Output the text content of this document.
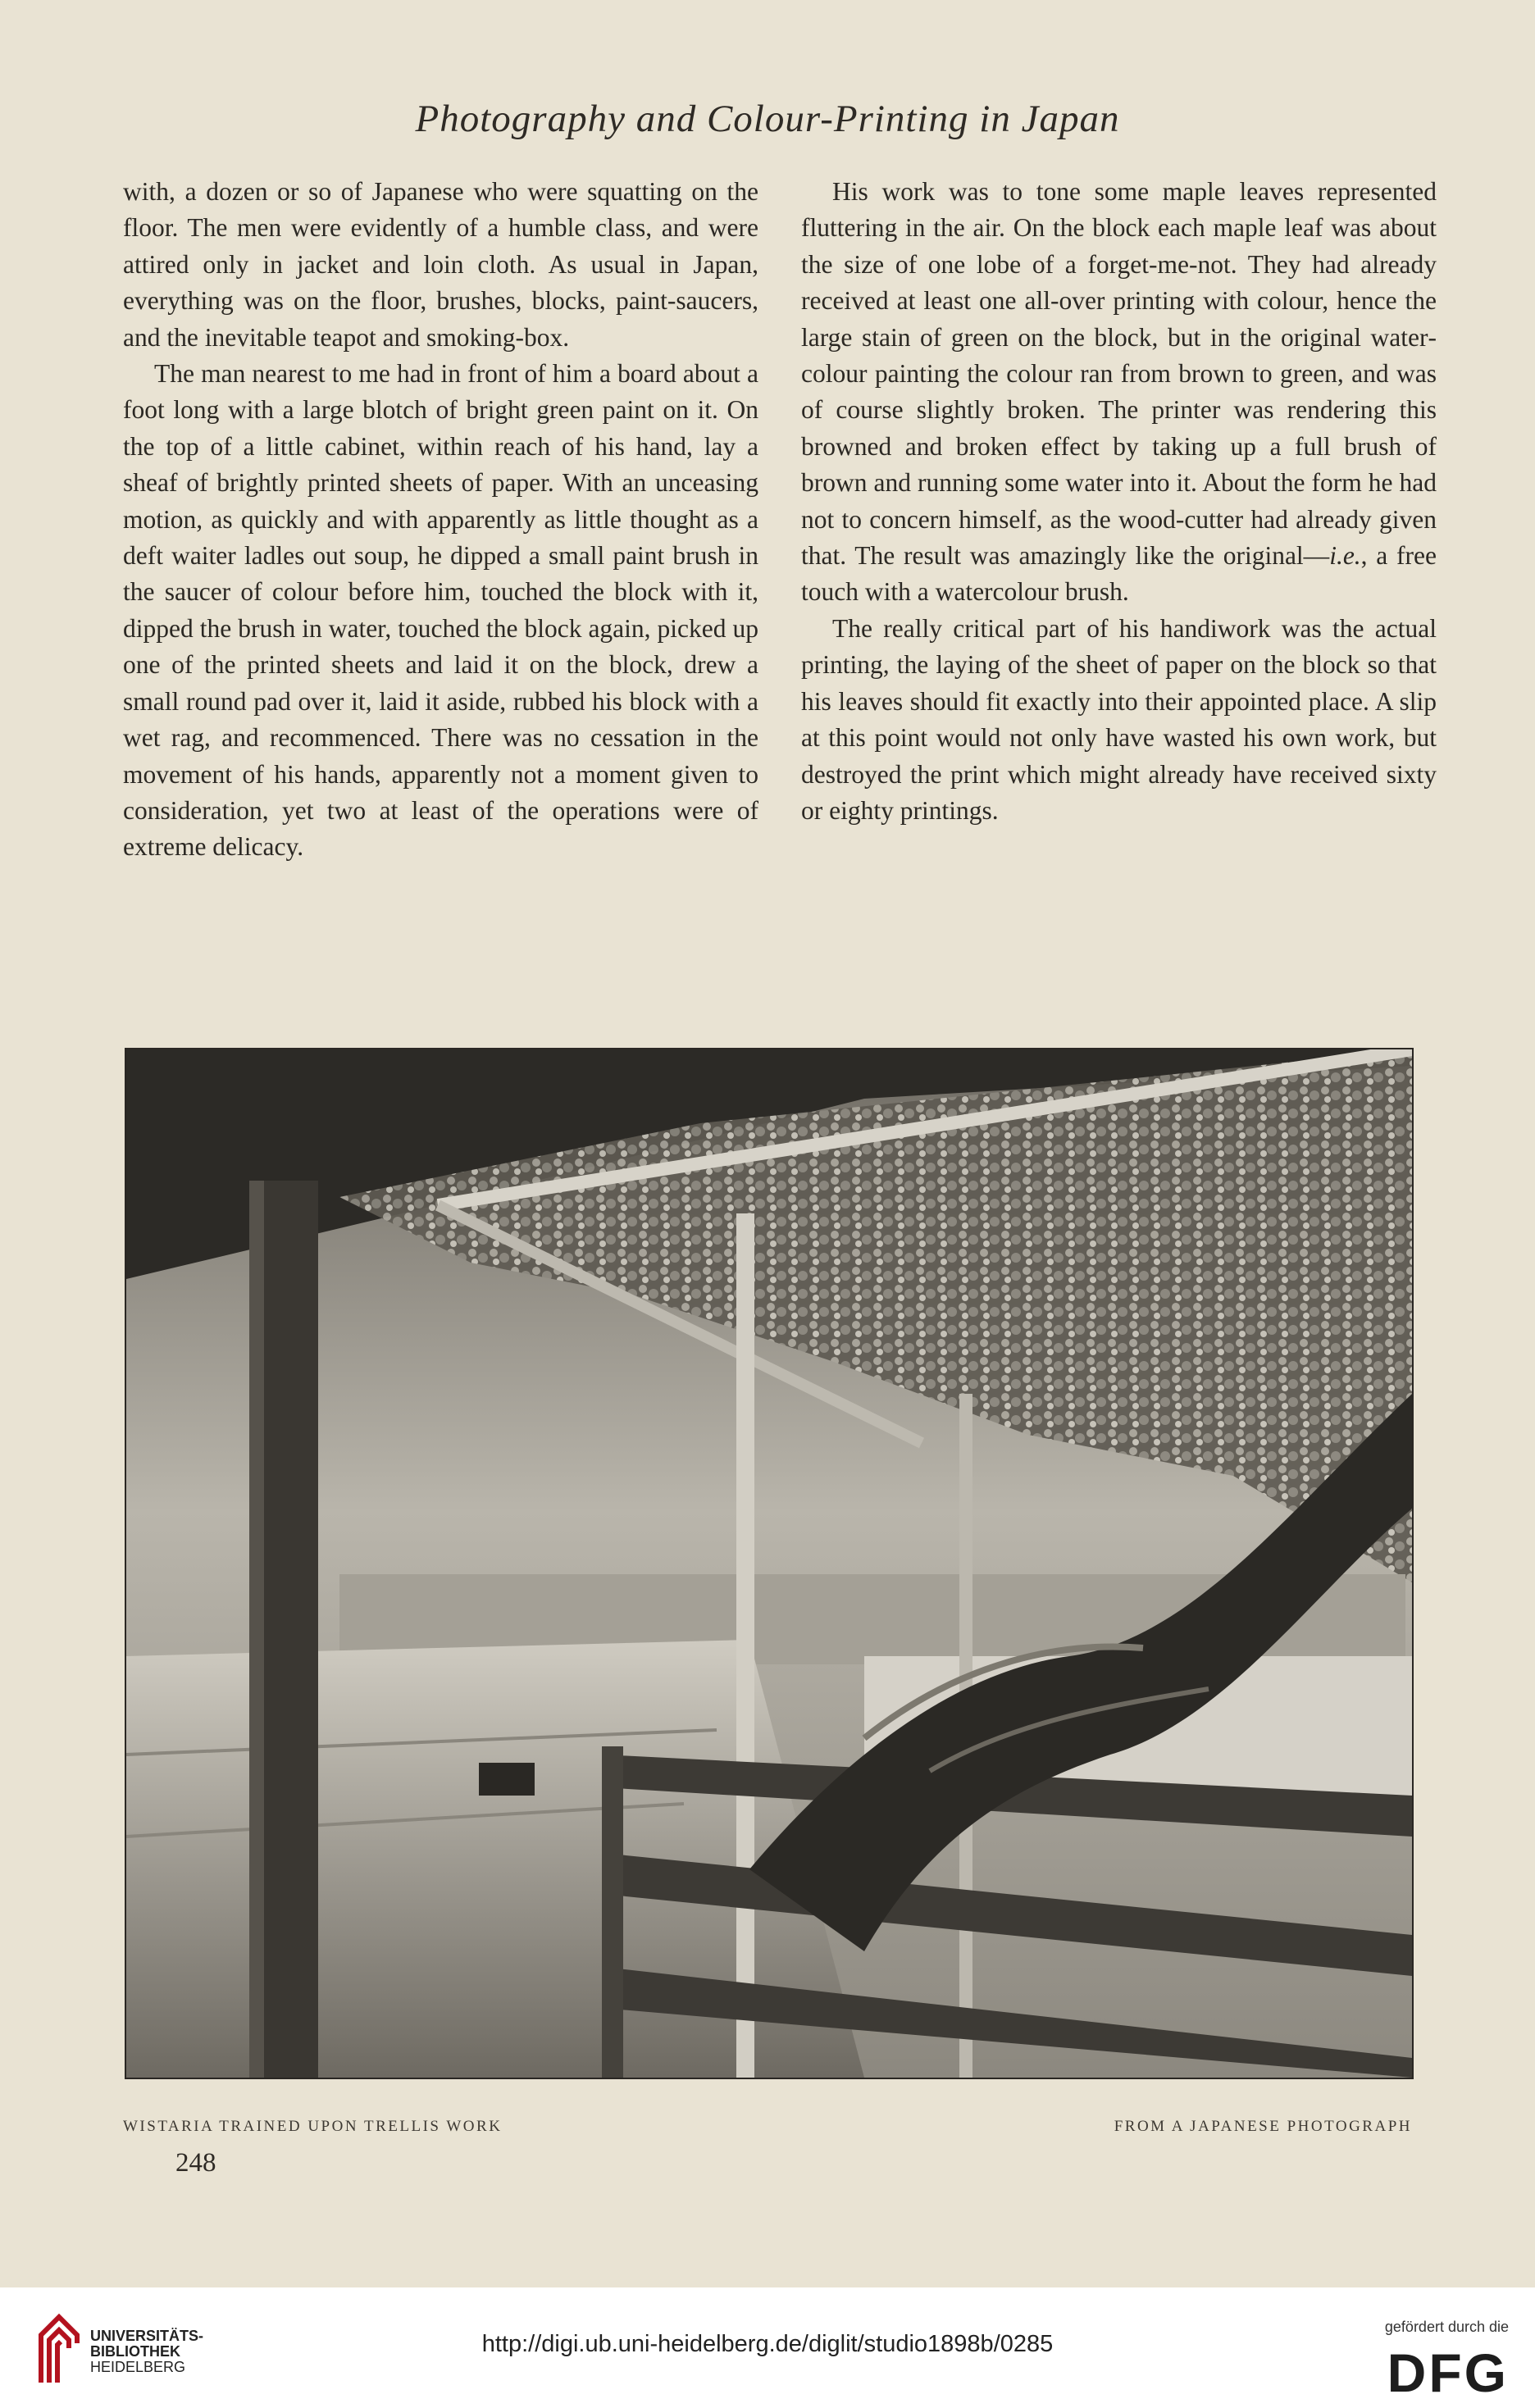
Photography and Colour-Printing in Japan

with, a dozen or so of Japanese who were squatting on the floor. The men were evidently of a humble class, and were attired only in jacket and loin cloth. As usual in Japan, everything was on the floor, brushes, blocks, paint-saucers, and the inevitable teapot and smoking-box.

The man nearest to me had in front of him a board about a foot long with a large blotch of bright green paint on it. On the top of a little cabinet, within reach of his hand, lay a sheaf of brightly printed sheets of paper. With an unceasing motion, as quickly and with apparently as little thought as a deft waiter ladles out soup, he dipped a small paint brush in the saucer of colour before him, touched the block with it, dipped the brush in water, touched the block again, picked up one of the printed sheets and laid it on the block, drew a small round pad over it, laid it aside, rubbed his block with a wet rag, and recommenced. There was no cessation in the movement of his hands, apparently not a moment given to consideration, yet two at least of the operations were of extreme delicacy.

His work was to tone some maple leaves represented fluttering in the air. On the block each maple leaf was about the size of one lobe of a forget-me-not. They had already received at least one all-over printing with colour, hence the large stain of green on the block, but in the original watercolour painting the colour ran from brown to green, and was of course slightly broken. The printer was rendering this browned and broken effect by taking up a full brush of brown and running some water into it. About the form he had not to concern himself, as the wood-cutter had already given that. The result was amazingly like the original—i.e., a free touch with a watercolour brush.

The really critical part of his handiwork was the actual printing, the laying of the sheet of paper on the block so that his leaves should fit exactly into their appointed place. A slip at this point would not only have wasted his own work, but destroyed the print which might already have received sixty or eighty printings.

WISTARIA TRAINED UPON TRELLIS WORK	FROM A JAPANESE PHOTOGRAPH
248
UNIVERSITÄTS-
BIBLIOTHEK
HEIDELBERG
http://digi.ub.uni-heidelberg.de/diglit/studio1898b/0285
gefördert durch die
DFG
